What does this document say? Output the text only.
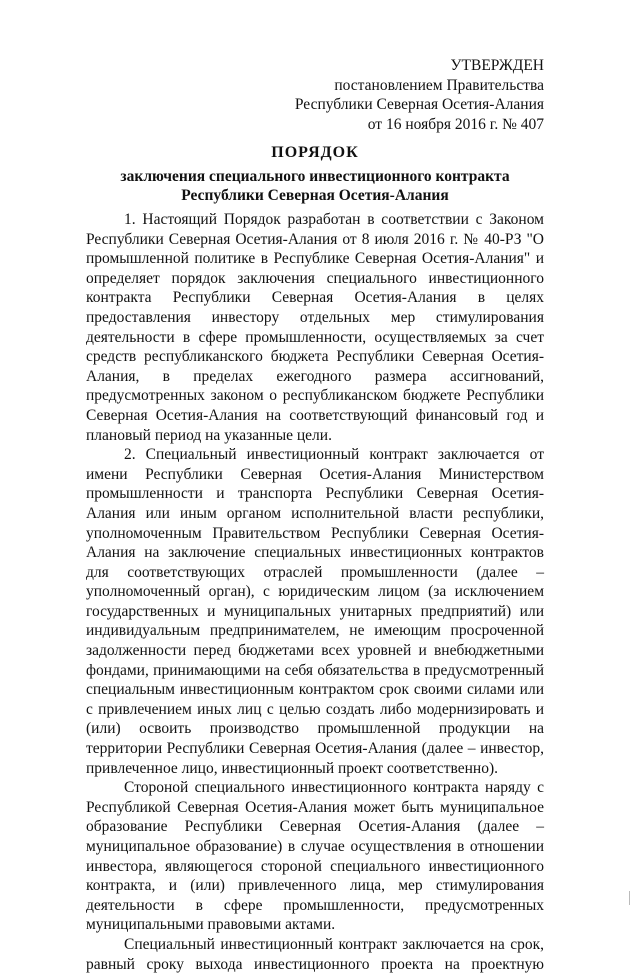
УТВЕРЖДЕН
постановлением Правительства
Республики Северная Осетия-Алания
от 16 ноября 2016 г. № 407
ПОРЯДОК
заключения специального инвестиционного контракта
Республики Северная Осетия-Алания

1. Настоящий Порядок разработан в соответствии с Законом Республики Северная Осетия-Алания от 8 июля 2016 г. № 40-РЗ "О промышленной политике в Республике Северная Осетия-Алания" и определяет порядок заключения специального инвестиционного контракта Республики Северная Осетия-Алания в целях предоставления инвестору отдельных мер стимулирования деятельности в сфере промышленности, осуществляемых за счет средств республиканского бюджета Республики Северная Осетия-Алания, в пределах ежегодного размера ассигнований, предусмотренных законом о республиканском бюджете Республики Северная Осетия-Алания на соответствующий финансовый год и плановый период на указанные цели.

2. Специальный инвестиционный контракт заключается от имени Республики Северная Осетия-Алания Министерством промышленности и транспорта Республики Северная Осетия-Алания или иным органом исполнительной власти республики, уполномоченным Правительством Республики Северная Осетия-Алания на заключение специальных инвестиционных контрактов для соответствующих отраслей промышленности (далее – уполномоченный орган), с юридическим лицом (за исключением государственных и муниципальных унитарных предприятий) или индивидуальным предпринимателем, не имеющим просроченной задолженности перед бюджетами всех уровней и внебюджетными фондами, принимающими на себя обязательства в предусмотренный специальным инвестиционным контрактом срок своими силами или с привлечением иных лиц с целью создать либо модернизировать и (или) освоить производство промышленной продукции на территории Республики Северная Осетия-Алания (далее – инвестор, привлеченное лицо, инвестиционный проект соответственно).

Стороной специального инвестиционного контракта наряду с Республикой Северная Осетия-Алания может быть муниципальное образование Республики Северная Осетия-Алания (далее – муниципальное образование) в случае осуществления в отношении инвестора, являющегося стороной специального инвестиционного контракта, и (или) привлеченного лица, мер стимулирования деятельности в сфере промышленности, предусмотренных муниципальными правовыми актами.

Специальный инвестиционный контракт заключается на срок, равный сроку выхода инвестиционного проекта на проектную
